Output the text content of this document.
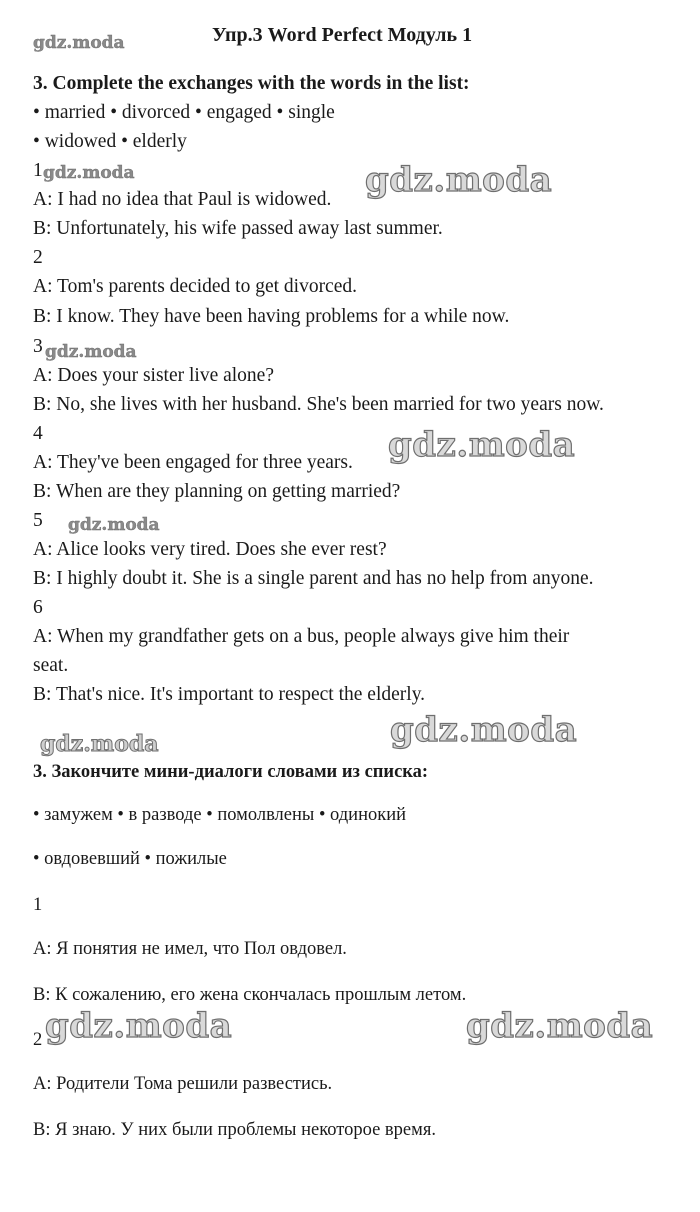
gdz.moda	Упр.3 Word Perfect Модуль 1
3. Complete the exchanges with the words in the list:
• married • divorced • engaged • single
• widowed • elderly
1 gdz.moda	gdz.moda
A: I had no idea that Paul is widowed.
B: Unfortunately, his wife passed away last summer.
2
A: Tom's parents decided to get divorced.
B: I know. They have been having problems for a while now.
3 gdz.moda
A: Does your sister live alone?
B: No, she lives with her husband. She's been married for two years now.
4	gdz.moda
A: They've been engaged for three years.
B: When are they planning on getting married?
5 gdz.moda
A: Alice looks very tired. Does she ever rest?
B: I highly doubt it. She is a single parent and has no help from anyone.
6
A: When my grandfather gets on a bus, people always give him their
seat.
B: That's nice. It's important to respect the elderly.
gdz.moda
gdz.moda
3. Закончите мини-диалоги словами из списка:
• замужем • в разводе • помолвлены • одинокий
• овдовевший • пожилые
1
A: Я понятия не имел, что Пол овдовел.
B: К сожалению, его жена скончалась прошлым летом.
2 gdz.moda	gdz.moda
A: Родители Тома решили развестись.
B: Я знаю. У них были проблемы некоторое время.
